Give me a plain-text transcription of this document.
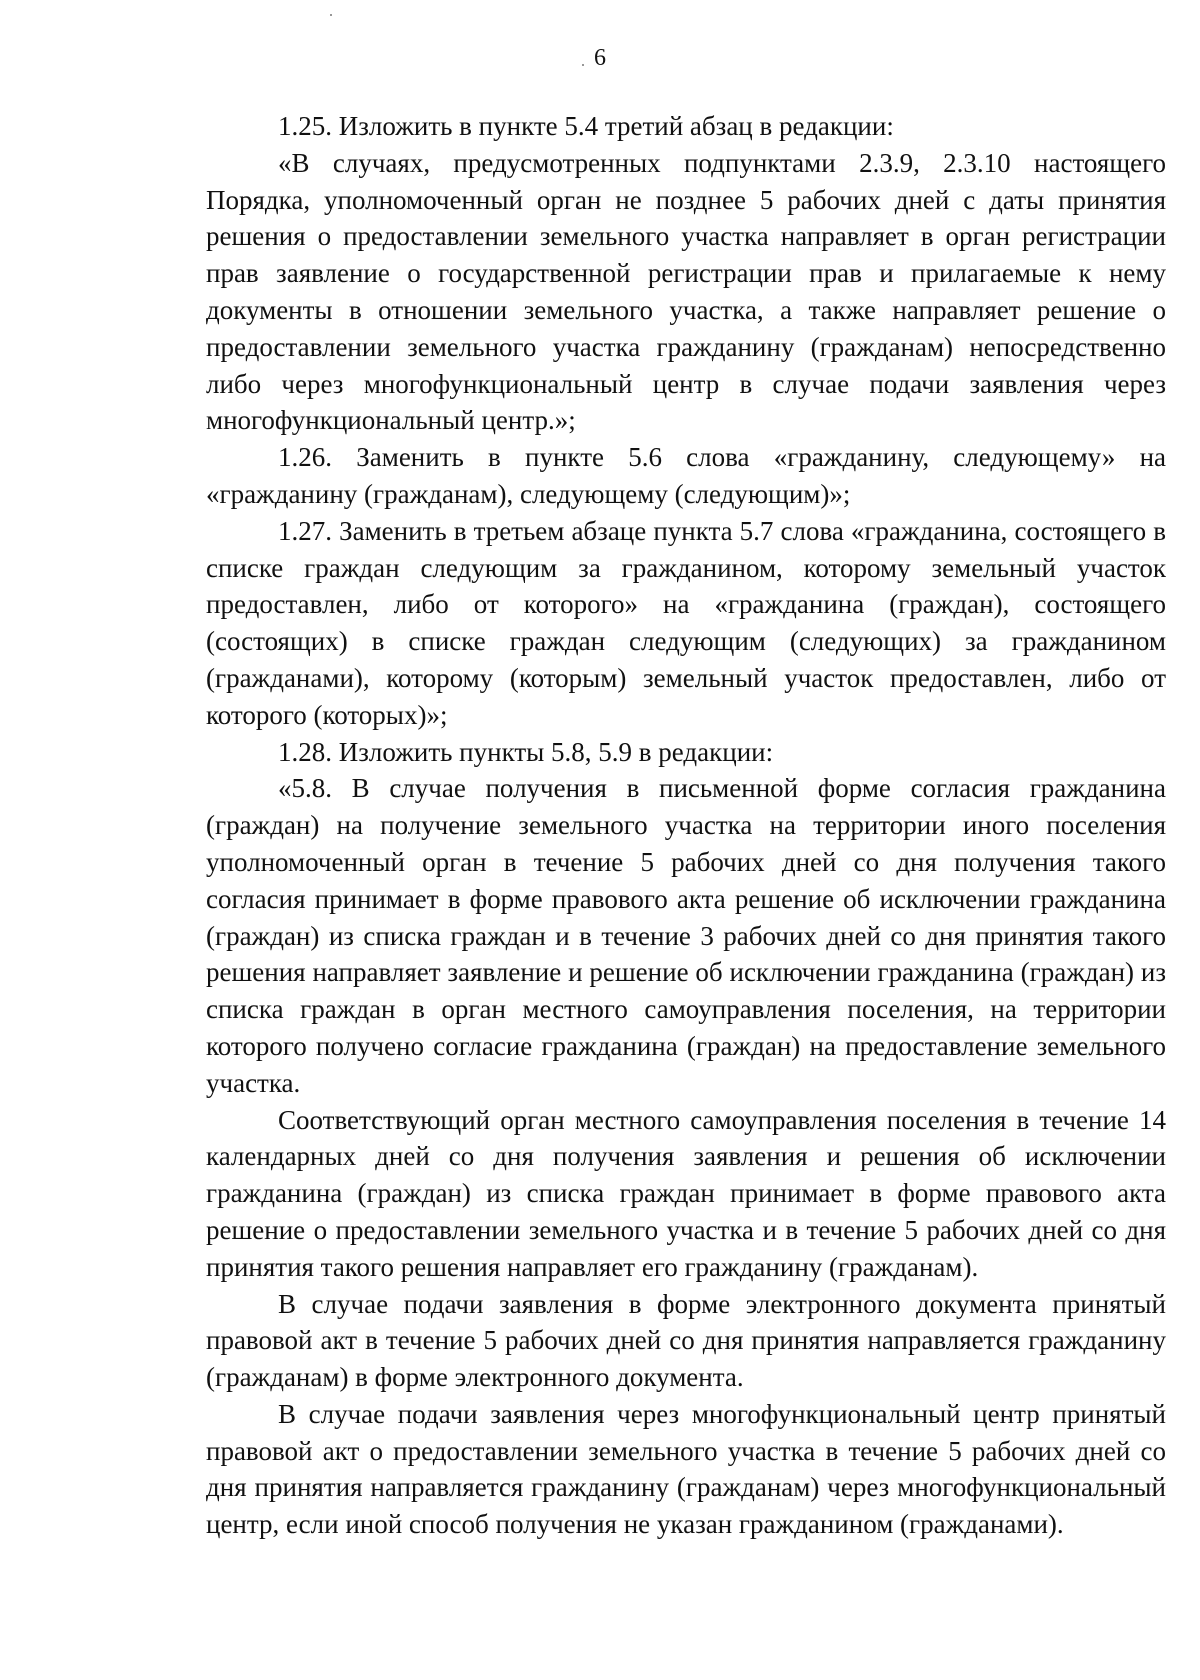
6

1.25. Изложить в пункте 5.4 третий абзац в редакции:

«В случаях, предусмотренных подпунктами 2.3.9, 2.3.10 настоящего Порядка, уполномоченный орган не позднее 5 рабочих дней с даты принятия решения о предоставлении земельного участка направляет в орган регистрации прав заявление о государственной регистрации прав и прилагаемые к нему документы в отношении земельного участка, а также направляет решение о предоставлении земельного участка гражданину (гражданам) непосредственно либо через многофункциональный центр в случае подачи заявления через многофункциональный центр.»;

1.26. Заменить в пункте 5.6 слова «гражданину, следующему» на «гражданину (гражданам), следующему (следующим)»;

1.27. Заменить в третьем абзаце пункта 5.7 слова «гражданина, состоящего в списке граждан следующим за гражданином, которому земельный участок предоставлен, либо от которого» на «гражданина (граждан), состоящего (состоящих) в списке граждан следующим (следующих) за гражданином (гражданами), которому (которым) земельный участок предоставлен, либо от которого (которых)»;

1.28. Изложить пункты 5.8, 5.9 в редакции:

«5.8. В случае получения в письменной форме согласия гражданина (граждан) на получение земельного участка на территории иного поселения уполномоченный орган в течение 5 рабочих дней со дня получения такого согласия принимает в форме правового акта решение об исключении гражданина (граждан) из списка граждан и в течение 3 рабочих дней со дня принятия такого решения направляет заявление и решение об исключении гражданина (граждан) из списка граждан в орган местного самоуправления поселения, на территории которого получено согласие гражданина (граждан) на предоставление земельного участка.

Соответствующий орган местного самоуправления поселения в течение 14 календарных дней со дня получения заявления и решения об исключении гражданина (граждан) из списка граждан принимает в форме правового акта решение о предоставлении земельного участка и в течение 5 рабочих дней со дня принятия такого решения направляет его гражданину (гражданам).

В случае подачи заявления в форме электронного документа принятый правовой акт в течение 5 рабочих дней со дня принятия направляется гражданину (гражданам) в форме электронного документа.

В случае подачи заявления через многофункциональный центр принятый правовой акт о предоставлении земельного участка в течение 5 рабочих дней со дня принятия направляется гражданину (гражданам) через многофункциональный центр, если иной способ получения не указан гражданином (гражданами).
